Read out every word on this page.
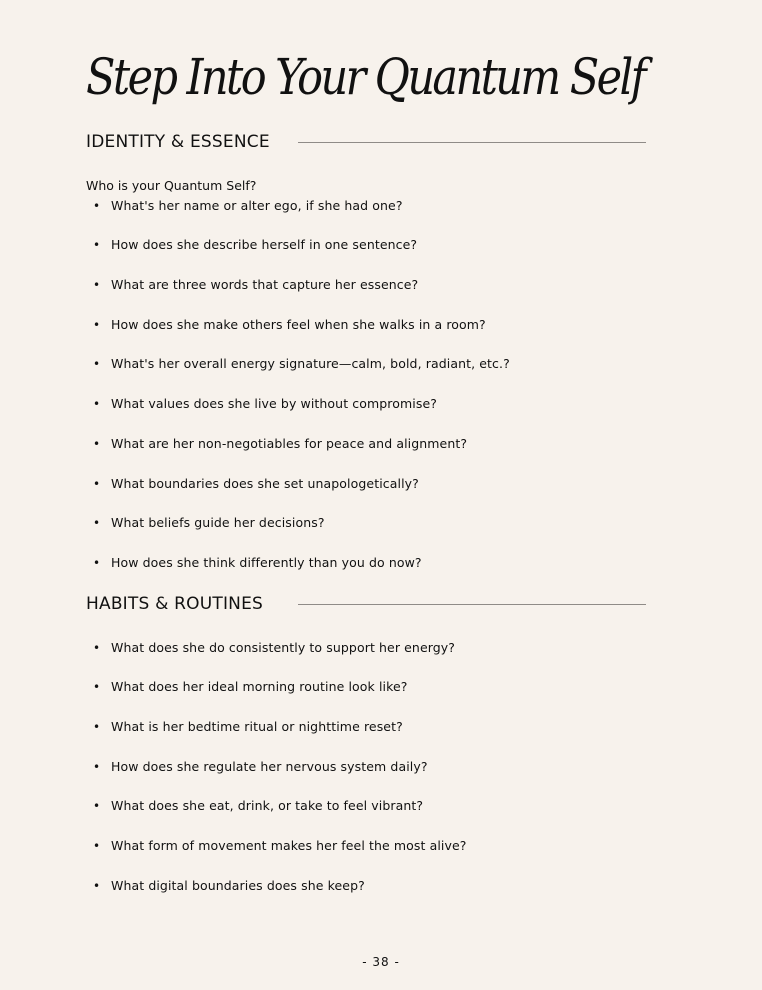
Step Into Your Quantum Self
IDENTITY & ESSENCE

Who is your Quantum Self?

• What's her name or alter ego, if she had one?
• How does she describe herself in one sentence?
• What are three words that capture her essence?
• How does she make others feel when she walks in a room?
• What's her overall energy signature—calm, bold, radiant, etc.?
• What values does she live by without compromise?
• What are her non-negotiables for peace and alignment?
• What boundaries does she set unapologetically?
• What beliefs guide her decisions?
• How does she think differently than you do now?
HABITS & ROUTINES
• What does she do consistently to support her energy?
• What does her ideal morning routine look like?
• What is her bedtime ritual or nighttime reset?
• How does she regulate her nervous system daily?
• What does she eat, drink, or take to feel vibrant?
• What form of movement makes her feel the most alive?
• What digital boundaries does she keep?

- 38 -
